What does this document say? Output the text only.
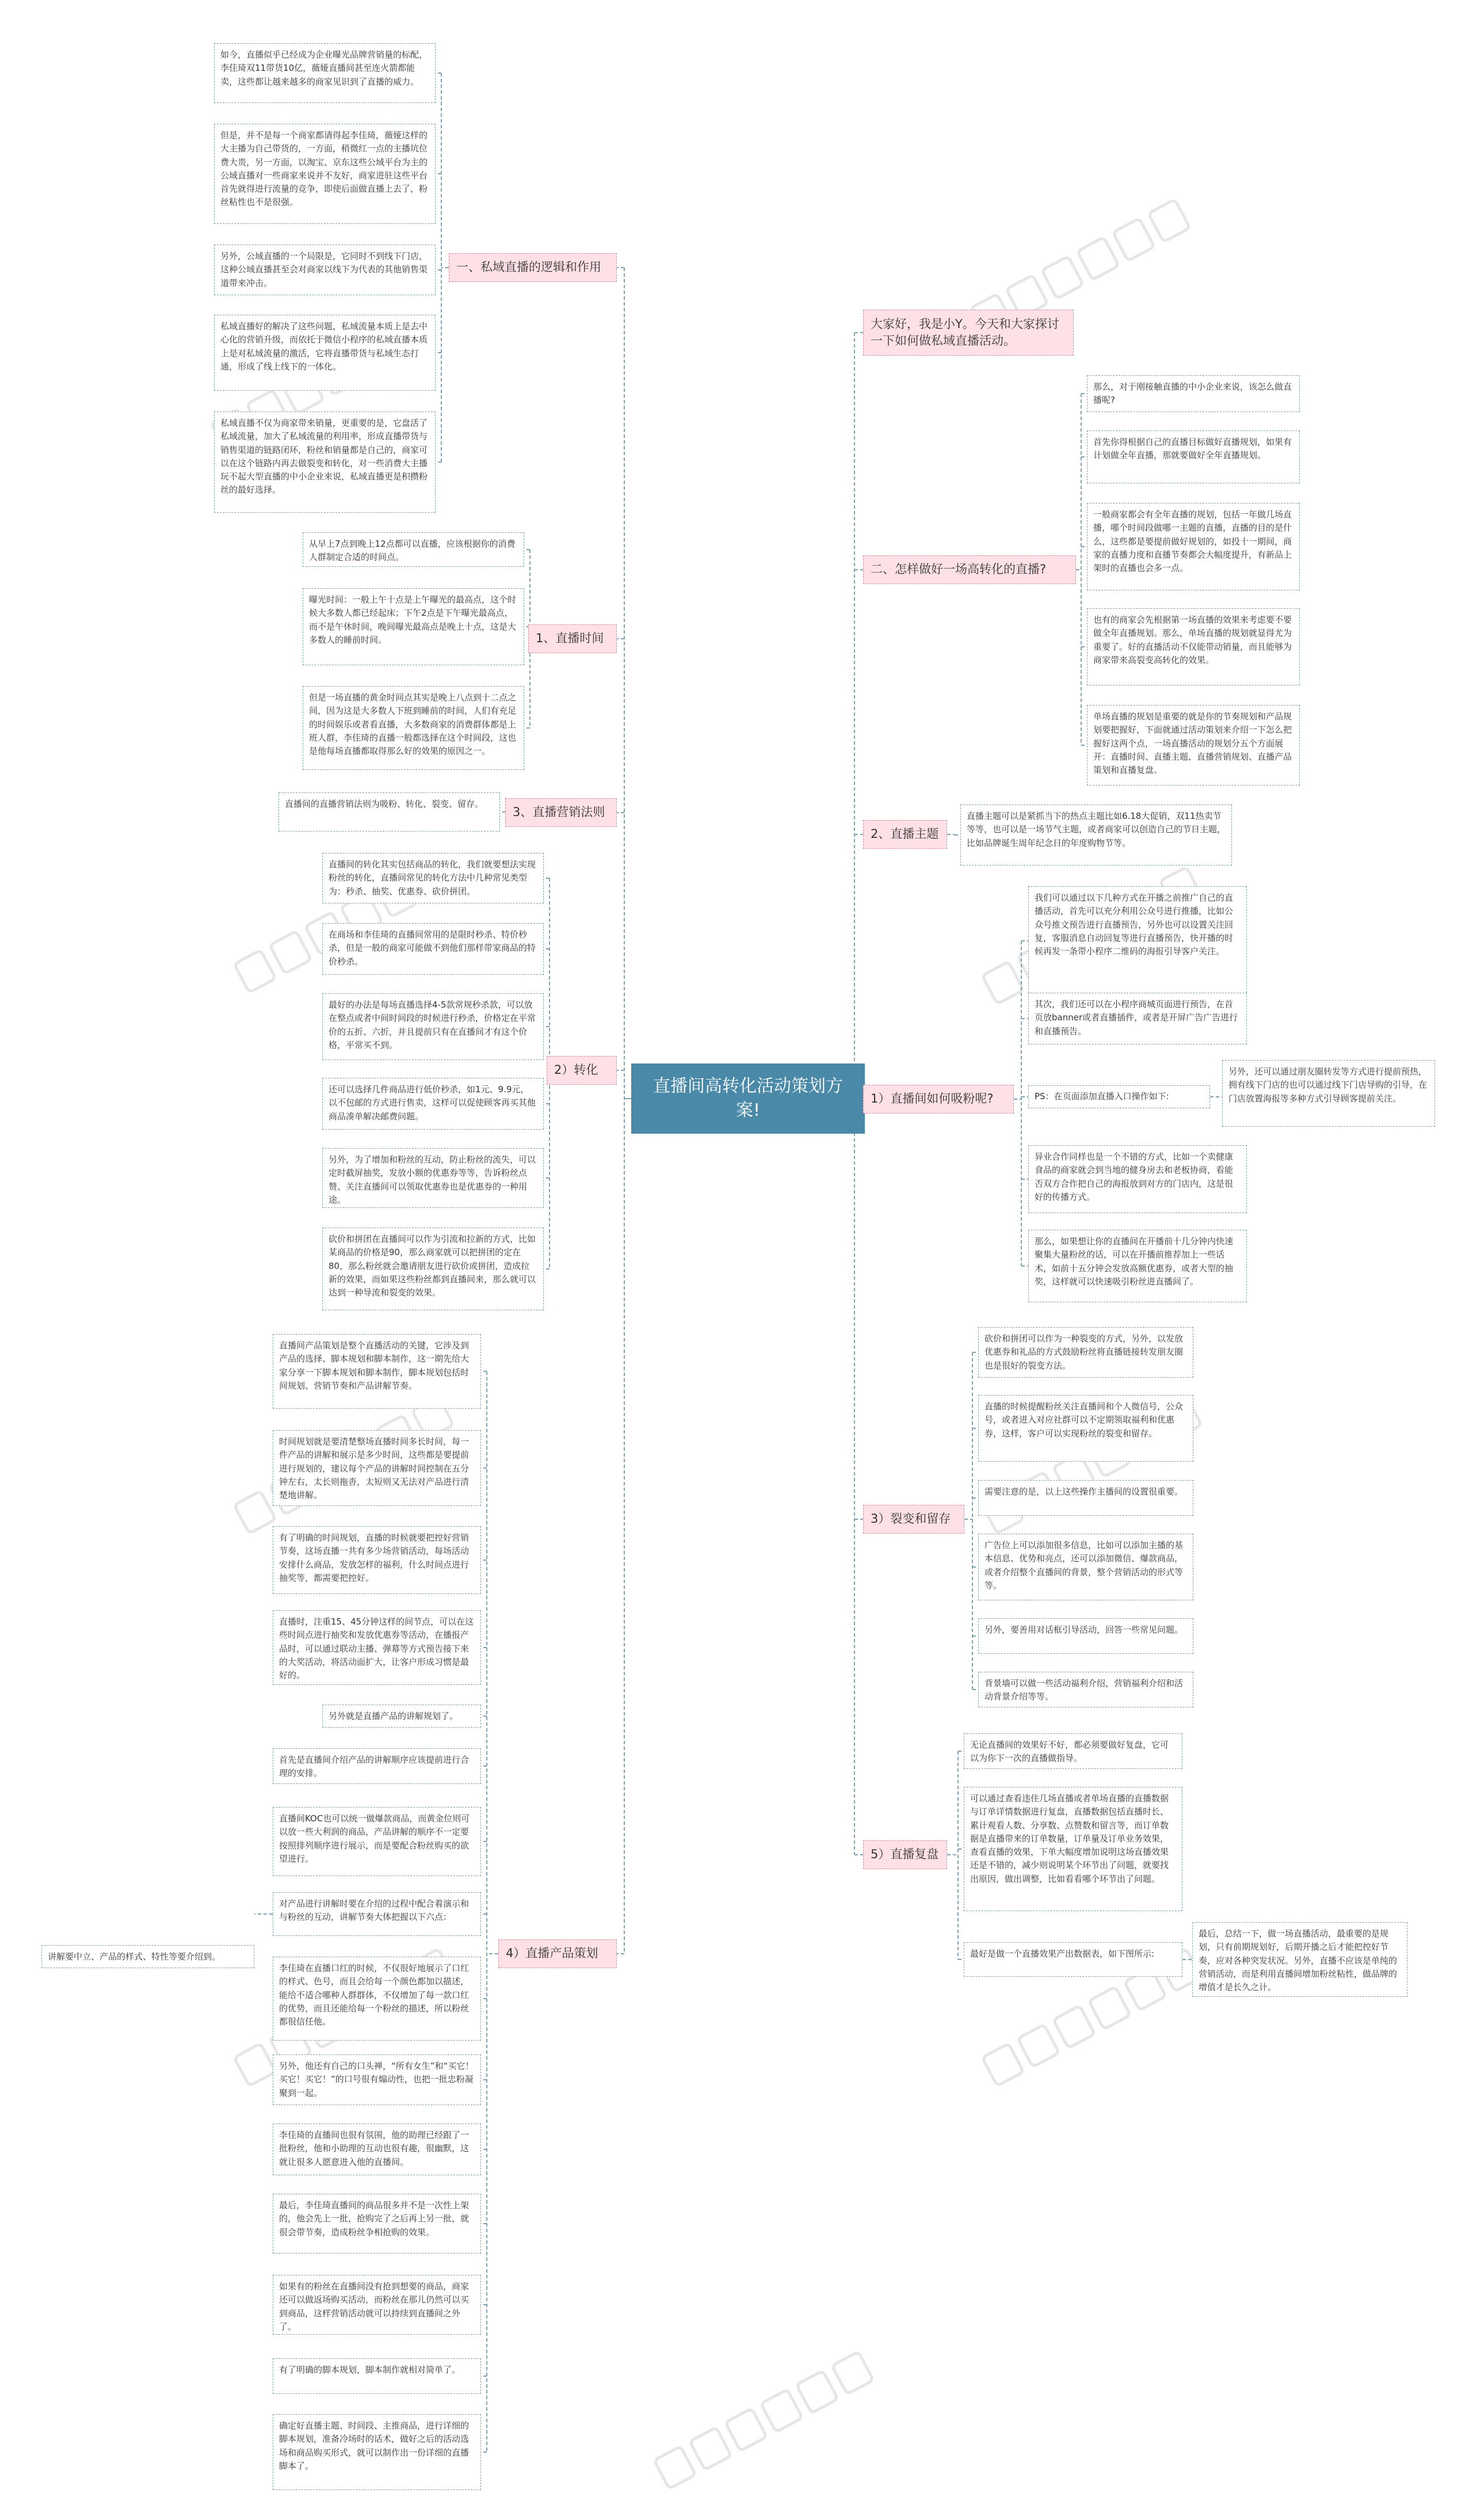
直播间高转化活动策划方案!
一、私域直播的逻辑和作用
如今，直播似乎已经成为企业曝光品牌营销量的标配，李佳琦双11带货10亿，薇娅直播间甚至连火箭都能卖，这些都让越来越多的商家见识到了直播的威力。
但是，并不是每一个商家都请得起李佳琦，薇娅这样的大主播为自己带货的，一方面，稍微红一点的主播坑位费大贵，另一方面，以淘宝、京东这些公域平台为主的公域直播对一些商家来说并不友好，商家进驻这些平台首先就得进行流量的竞争，即使后面做直播上去了，粉丝粘性也不是很强。
另外，公域直播的一个局限是，它同时不到线下门店，这种公域直播甚至会对商家以线下为代表的其他销售渠道带来冲击。
私域直播好的解决了这些问题，私域流量本质上是去中心化的营销升级，而依托于微信小程序的私域直播本质上是对私域流量的激活，它将直播带货与私域生态打通，形成了线上线下的一体化。
私域直播不仅为商家带来销量，更重要的是，它盘活了私域流量，加大了私域流量的利用率，形成直播带货与销售渠道的链路闭环，粉丝和销量都是自己的，商家可以在这个链路内再去做裂变和转化，对一些消费大主播玩不起大型直播的中小企业来说，私域直播更是积攒粉丝的最好选择。
1、直播时间
从早上7点到晚上12点都可以直播，应该根据你的消费人群制定合适的时间点。
曝光时间：一般上午十点是上午曝光的最高点，这个时候大多数人都已经起床；下午2点是下午曝光最高点，而不是午休时间，晚间曝光最高点是晚上十点，这是大多数人的睡前时间。
但是一场直播的黄金时间点其实是晚上八点到十二点之间，因为这是大多数人下班到睡前的时间，人们有充足的时间娱乐或者看直播，大多数商家的消费群体都是上班人群，李佳琦的直播一般都选择在这个时间段，这也是他每场直播都取得那么好的效果的原因之一。
3、直播营销法则
直播间的直播营销法则为吸粉、转化、裂变、留存。
2）转化
直播间的转化其实包括商品的转化，我们就要想法实现粉丝的转化，直播间常见的转化方法中几种常见类型为：秒杀、抽奖、优惠券、砍价拼团。
在商场和李佳琦的直播间常用的是限时秒杀、特价秒杀，但是一般的商家可能做不到他们那样带家商品的特价秒杀。
最好的办法是每场直播选择4-5款常规秒杀款，可以放在整点或者中间时间段的时候进行秒杀，价格定在平常价的五折、六折，并且提前只有在直播间才有这个价格，平常买不到。
还可以选择几件商品进行低价秒杀，如1元、9.9元，以不包邮的方式进行售卖，这样可以促使顾客再买其他商品凑单解决邮费问题。
另外，为了增加和粉丝的互动，防止粉丝的流失，可以定时截屏抽奖，发放小额的优惠券等等，告诉粉丝点赞、关注直播间可以领取优惠券也是优惠券的一种用途。
砍价和拼团在直播间可以作为引流和拉新的方式，比如某商品的价格是90，那么商家就可以把拼团的定在80，那么粉丝就会邀请朋友进行砍价或拼团，造成拉新的效果，而如果这些粉丝都到直播间来，那么就可以达到一种导流和裂变的效果。
4）直播产品策划
直播间产品策划是整个直播活动的关键，它涉及到产品的选择、脚本规划和脚本制作，这一期先给大家分享一下脚本规划和脚本制作，脚本规划包括时间规划、营销节奏和产品讲解节奏。
时间规划就是要清楚整场直播时间多长时间，每一件产品的讲解和展示是多少时间，这些都是要提前进行规划的，建议每个产品的讲解时间控制在五分钟左右，太长则拖沓，太短则又无法对产品进行清楚地讲解。
有了明确的时间规划，直播的时候就要把控好营销节奏，这场直播一共有多少场营销活动，每场活动安排什么商品，发放怎样的福利，什么时间点进行抽奖等，都需要把控好。
直播时，注重15、45分钟这样的间节点，可以在这些时间点进行抽奖和发放优惠券等活动，在播报产品时，可以通过联动主播、弹幕等方式预告接下来的大奖活动，将活动面扩大，让客户形成习惯是最好的。
另外就是直播产品的讲解规划了。
首先是直播间介绍产品的讲解顺序应该提前进行合理的安排。
直播间KOC也可以统一做爆款商品，而黄金位则可以放一些大利润的商品，产品讲解的顺序不一定要按照排列顺序进行展示，而是要配合粉丝购买的欲望进行。
对产品进行讲解时要在介绍的过程中配合着演示和与粉丝的互动，讲解节奏大体把握以下六点：
李佳琦在直播口红的时候，不仅很好地展示了口红的样式、色号，而且会给每一个颜色都加以描述，能给不适合哪种人群群体，不仅增加了每一款口红的优势，而且还能给每一个粉丝的描述，所以粉丝都很信任他。
另外，他还有自己的口头禅，“所有女生”和“买它！买它！买它！”的口号很有煽动性，也把一批忠粉凝聚到一起。
李佳琦的直播间也很有氛围，他的助理已经跟了一批粉丝，他和小助理的互动也很有趣，很幽默，这就让很多人愿意进入他的直播间。
最后，李佳琦直播间的商品很多并不是一次性上架的，他会先上一批，抢购完了之后再上另一批，就很会带节奏，造成粉丝争相抢购的效果。
如果有的粉丝在直播间没有抢到想要的商品，商家还可以做返场购买活动，而粉丝在那儿仍然可以买到商品，这样营销活动就可以持续到直播间之外了。
有了明确的脚本规划，脚本制作就相对简单了。
确定好直播主题、时间段、主推商品，进行详细的脚本规划，准备冷场时的话术，做好之后的活动选场和商品购买形式，就可以制作出一份详细的直播脚本了。
讲解要中立、产品的样式、特性等要介绍到。
大家好，我是小Y。今天和大家探讨一下如何做私域直播活动。
二、怎样做好一场高转化的直播?
那么，对于刚接触直播的中小企业来说，该怎么做直播呢?
首先你得根据自己的直播目标做好直播规划，如果有计划做全年直播，那就要做好全年直播规划。
一般商家都会有全年直播的规划，包括一年做几场直播，哪个时间段做哪一主题的直播，直播的目的是什么，这些都是要提前做好规划的，如投十一期间，商家的直播力度和直播节奏都会大幅度提升，有新品上架时的直播也会多一点。
也有的商家会先根据第一场直播的效果来考虑要不要做全年直播规划。那么，单场直播的规划就显得尤为重要了。好的直播活动不仅能带动销量，而且能够为商家带来高裂变高转化的效果。
单场直播的规划是重要的就是你的节奏规划和产品规划要把握好，下面就通过活动策划来介绍一下怎么把握好这两个点，一场直播活动的规划分五个方面展开：直播时间、直播主题、直播营销规划、直播产品策划和直播复盘。
2、直播主题
直播主题可以是紧抓当下的热点主题比如6.18大促销，双11热卖节等等，也可以是一场节气主题，或者商家可以创造自己的节日主题，比如品牌诞生周年纪念日的年度购物节等。
1）直播间如何吸粉呢?
我们可以通过以下几种方式在开播之前推广自己的直播活动，首先可以充分利用公众号进行推播，比如公众号推文预告进行直播预告，另外也可以设置关注回复，客服消息自动回复等进行直播预告，快开播的时候再发一条带小程序二维码的海报引导客户关注。
其次，我们还可以在小程序商城页面进行预告，在首页放banner或者直播插件，或者是开屏广告广告进行和直播预告。
PS：在页面添加直播入口操作如下:
另外，还可以通过朋友圈转发等方式进行提前预热，拥有线下门店的也可以通过线下门店导购的引导，在门店放置海报等多种方式引导顾客提前关注。
异业合作同样也是一个不错的方式，比如一个卖健康食品的商家就会到当地的健身房去和老板协商，看能否双方合作把自己的海报放到对方的门店内，这是很好的传播方式。
那么，如果想让你的直播间在开播前十几分钟内快速聚集大量粉丝的话，可以在开播前推荐加上一些话术，如前十五分钟会发放高额优惠券，或者大型的抽奖，这样就可以快速吸引粉丝进直播间了。
3）裂变和留存
砍价和拼团可以作为一种裂变的方式，另外，以发放优惠券和礼品的方式鼓励粉丝将直播链接转发朋友圈也是很好的裂变方法。
直播的时候提醒粉丝关注直播间和个人微信号，公众号，或者进入对应社群可以不定期领取福利和优惠券，这样，客户可以实现粉丝的裂变和留存。
需要注意的是，以上这些操作主播间的设置很重要。
广告位上可以添加很多信息，比如可以添加主播的基本信息、优势和亮点，还可以添加微信、爆款商品，或者介绍整个直播间的背景，整个营销活动的形式等等。
另外，要善用对话框引导活动，回答一些常见问题。
背景墙可以做一些活动福利介绍，营销福利介绍和活动背景介绍等等。
5）直播复盘
无论直播间的效果好不好，都必须要做好复盘，它可以为你下一次的直播做指导。
可以通过查看违住几场直播或者单场直播的直播数据与订单详情数据进行复盘，直播数据包括直播时长、累计观看人数、分享数、点赞数和留言等，而订单数据是直播带来的订单数量，订单量及订单业务效果，查看直播的效果，下单大幅度增加说明这场直播效果还是不错的，减少则说明某个环节出了问题，就要找出原因，做出调整，比如看看哪个环节出了问题。
最好是做一个直播效果产出数据表，如下图所示:
最后，总结一下，做一场直播活动，最重要的是规划，只有前期规划好，后期开播之后才能把控好节奏，应对各种突发状况。另外，直播不应该是单纯的营销活动，而是利用直播间增加粉丝粘性，做品牌的增值才是长久之计。
